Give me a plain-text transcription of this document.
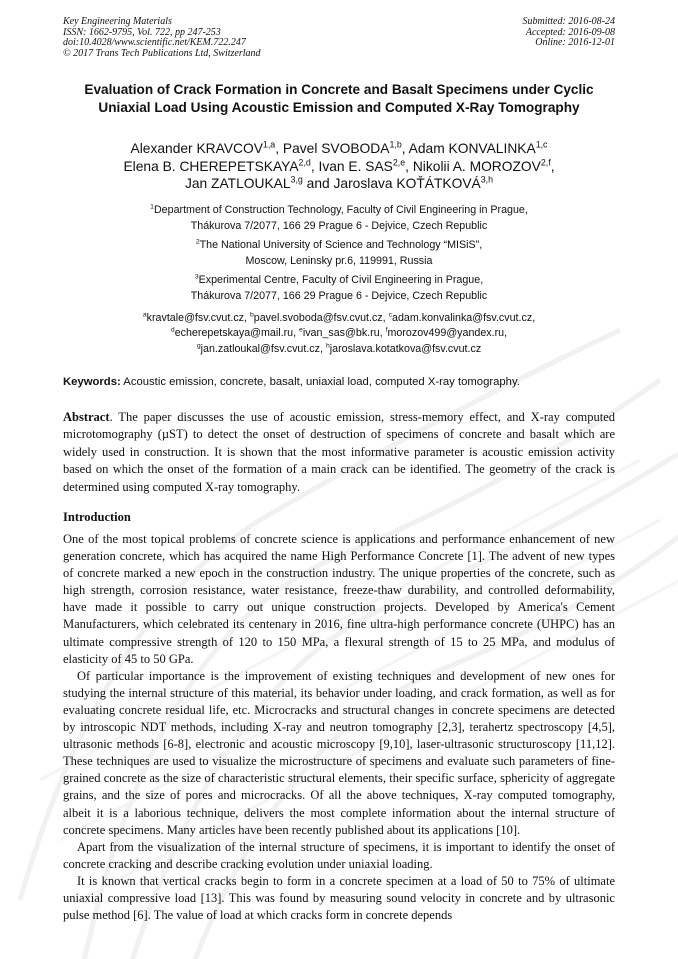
Key Engineering Materials
ISSN: 1662-9795, Vol. 722, pp 247-253
doi:10.4028/www.scientific.net/KEM.722.247
© 2017 Trans Tech Publications Ltd, Switzerland
Submitted: 2016-08-24
Accepted: 2016-09-08
Online: 2016-12-01
Evaluation of Crack Formation in Concrete and Basalt Specimens under Cyclic Uniaxial Load Using Acoustic Emission and Computed X-Ray Tomography
Alexander KRAVCOV$^{1,a}$, Pavel SVOBODA$^{1,b}$, Adam KONVALINKA$^{1,c}$
Elena B. CHEREPETSKAYA$^{2,d}$, Ivan E. SAS$^{2,e}$, Nikolii A. MOROZOV$^{2,f}$,
Jan ZATLOUKAL$^{3,g}$ and Jaroslava KOŤÁTKOVÁ$^{3,h}$
$^1$Department of Construction Technology, Faculty of Civil Engineering in Prague,
Thákurova 7/2077, 166 29 Prague 6 - Dejvice, Czech Republic
$^2$The National University of Science and Technology “MISiS”,
Moscow, Leninsky pr.6, 119991, Russia
$^3$Experimental Centre, Faculty of Civil Engineering in Prague,
Thákurova 7/2077, 166 29 Prague 6 - Dejvice, Czech Republic
$^a$kravtale@fsv.cvut.cz, $^b$pavel.svoboda@fsv.cvut.cz, $^c$adam.konvalinka@fsv.cvut.cz,
$^d$echerepetskaya@mail.ru, $^e$ivan_sas@bk.ru, $^f$morozov499@yandex.ru,
$^g$jan.zatloukal@fsv.cvut.cz, $^h$jaroslava.kotatkova@fsv.cvut.cz
Keywords: Acoustic emission, concrete, basalt, uniaxial load, computed X-ray tomography.
Abstract. The paper discusses the use of acoustic emission, stress-memory effect, and X-ray computed microtomography (µST) to detect the onset of destruction of specimens of concrete and basalt which are widely used in construction. It is shown that the most informative parameter is acoustic emission activity based on which the onset of the formation of a main crack can be identified. The geometry of the crack is determined using computed X-ray tomography.
Introduction

One of the most topical problems of concrete science is applications and performance enhancement of new generation concrete, which has acquired the name High Performance Concrete [1]. The advent of new types of concrete marked a new epoch in the construction industry. The unique properties of the concrete, such as high strength, corrosion resistance, water resistance, freeze-thaw durability, and controlled deformability, have made it possible to carry out unique construction projects. Developed by America's Cement Manufacturers, which celebrated its centenary in 2016, fine ultra-high performance concrete (UHPC) has an ultimate compressive strength of 120 to 150 MPa, a flexural strength of 15 to 25 MPa, and modulus of elasticity of 45 to 50 GPa.

Of particular importance is the improvement of existing techniques and development of new ones for studying the internal structure of this material, its behavior under loading, and crack formation, as well as for evaluating concrete residual life, etc. Microcracks and structural changes in concrete specimens are detected by introscopic NDT methods, including X-ray and neutron tomography [2,3], terahertz spectroscopy [4,5], ultrasonic methods [6-8], electronic and acoustic microscopy [9,10], laser-ultrasonic structuroscopy [11,12]. These techniques are used to visualize the microstructure of specimens and evaluate such parameters of fine-grained concrete as the size of characteristic structural elements, their specific surface, sphericity of aggregate grains, and the size of pores and microcracks. Of all the above techniques, X-ray computed tomography, albeit it is a laborious technique, delivers the most complete information about the internal structure of concrete specimens. Many articles have been recently published about its applications [10].

Apart from the visualization of the internal structure of specimens, it is important to identify the onset of concrete cracking and describe cracking evolution under uniaxial loading.

It is known that vertical cracks begin to form in a concrete specimen at a load of 50 to 75% of ultimate uniaxial compressive load [13]. This was found by measuring sound velocity in concrete and by ultrasonic pulse method [6]. The value of load at which cracks form in concrete depends
